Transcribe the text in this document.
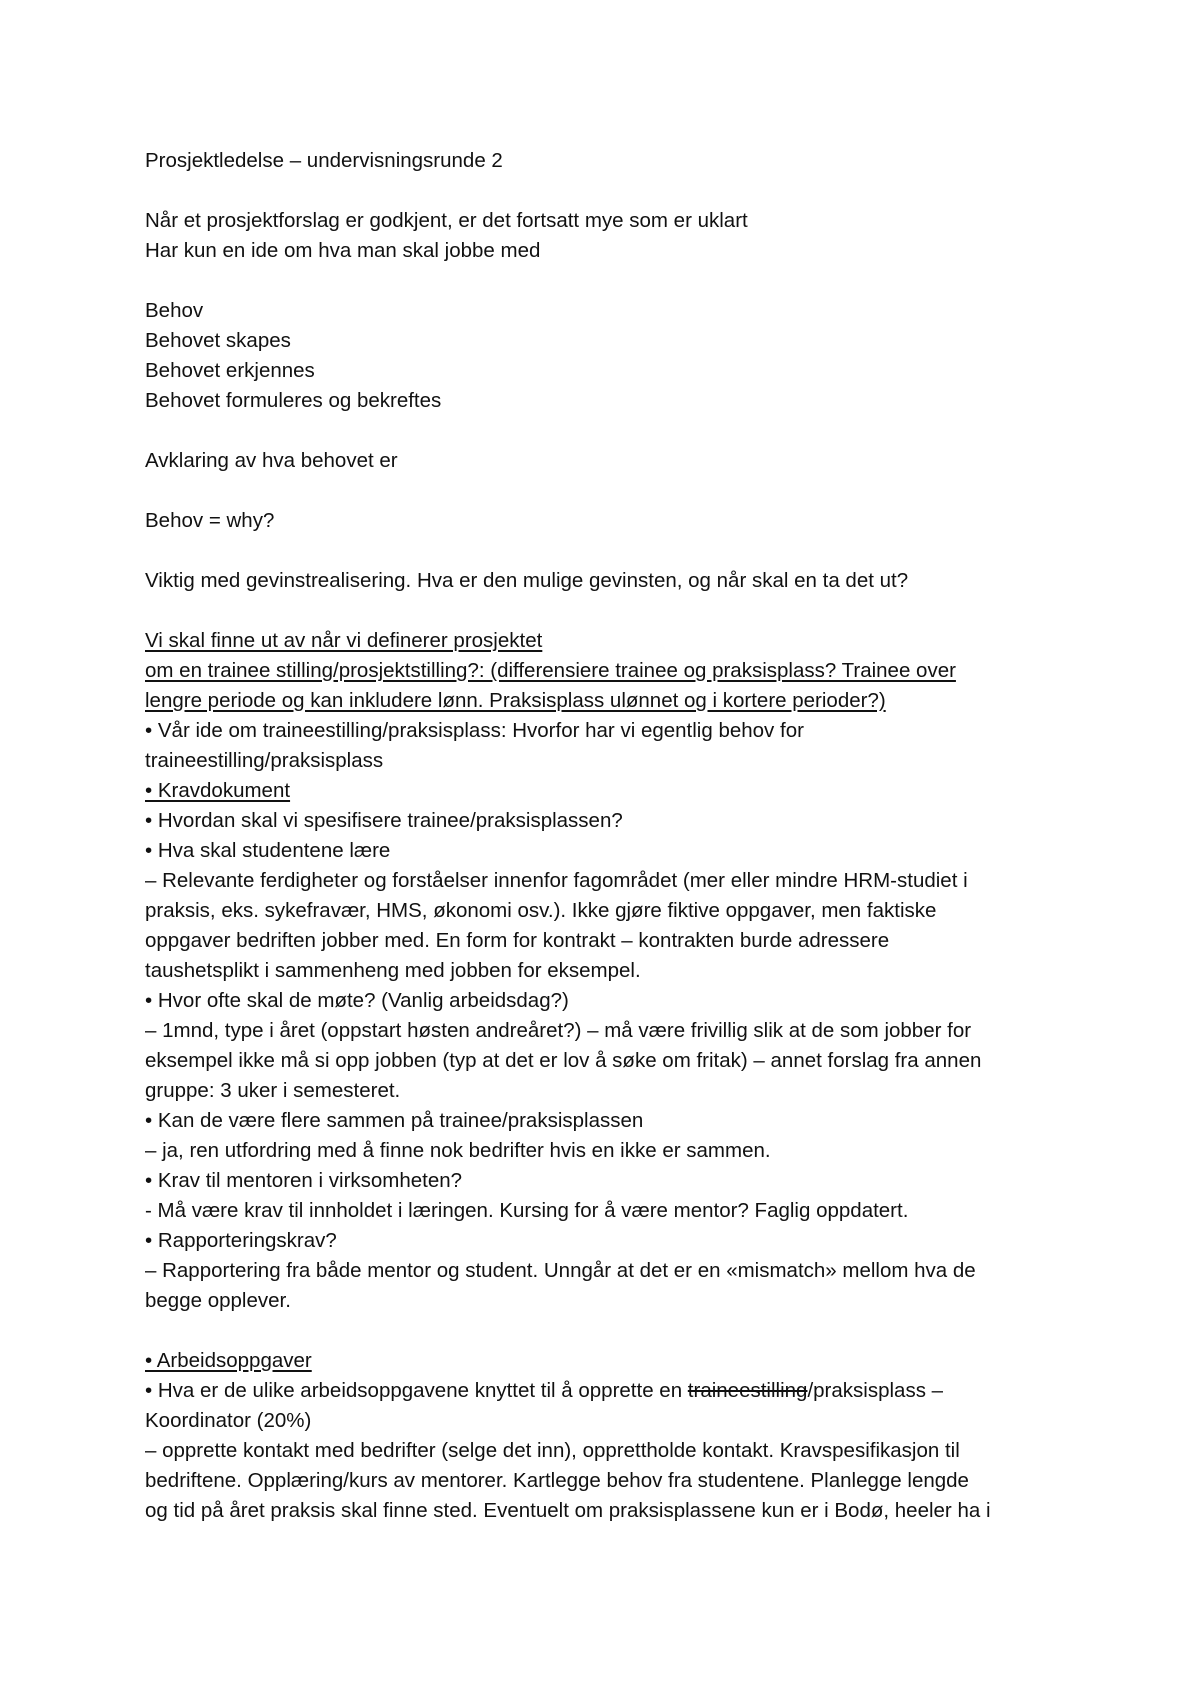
Prosjektledelse – undervisningsrunde 2
Når et prosjektforslag er godkjent, er det fortsatt mye som er uklart
Har kun en ide om hva man skal jobbe med
Behov
Behovet skapes
Behovet erkjennes
Behovet formuleres og bekreftes
Avklaring av hva behovet er
Behov = why?
Viktig med gevinstrealisering. Hva er den mulige gevinsten, og når skal en ta det ut?
Vi skal finne ut av når vi definerer prosjektet
om en trainee stilling/prosjektstilling?: (differensiere trainee og praksisplass? Trainee over
lengre periode og kan inkludere lønn. Praksisplass ulønnet og i kortere perioder?)
• Vår ide om traineestilling/praksisplass: Hvorfor har vi egentlig behov for
traineestilling/praksisplass
• Kravdokument
• Hvordan skal vi spesifisere trainee/praksisplassen?
• Hva skal studentene lære
– Relevante ferdigheter og forståelser innenfor fagområdet (mer eller mindre HRM-studiet i
praksis, eks. sykefravær, HMS, økonomi osv.). Ikke gjøre fiktive oppgaver, men faktiske
oppgaver bedriften jobber med. En form for kontrakt – kontrakten burde adressere
taushetsplikt i sammenheng med jobben for eksempel.
• Hvor ofte skal de møte? (Vanlig arbeidsdag?)
– 1mnd, type i året (oppstart høsten andreåret?) – må være frivillig slik at de som jobber for
eksempel ikke må si opp jobben (typ at det er lov å søke om fritak) – annet forslag fra annen
gruppe: 3 uker i semesteret.
• Kan de være flere sammen på trainee/praksisplassen
– ja, ren utfordring med å finne nok bedrifter hvis en ikke er sammen.
• Krav til mentoren i virksomheten?
- Må være krav til innholdet i læringen. Kursing for å være mentor? Faglig oppdatert.
• Rapporteringskrav?
– Rapportering fra både mentor og student. Unngår at det er en «mismatch» mellom hva de
begge opplever.
• Arbeidsoppgaver
• Hva er de ulike arbeidsoppgavene knyttet til å opprette en traineestilling/praksisplass –
Koordinator (20%)
– opprette kontakt med bedrifter (selge det inn), opprettholde kontakt. Kravspesifikasjon til
bedriftene. Opplæring/kurs av mentorer. Kartlegge behov fra studentene. Planlegge lengde
og tid på året praksis skal finne sted. Eventuelt om praksisplassene kun er i Bodø, heeler ha i
